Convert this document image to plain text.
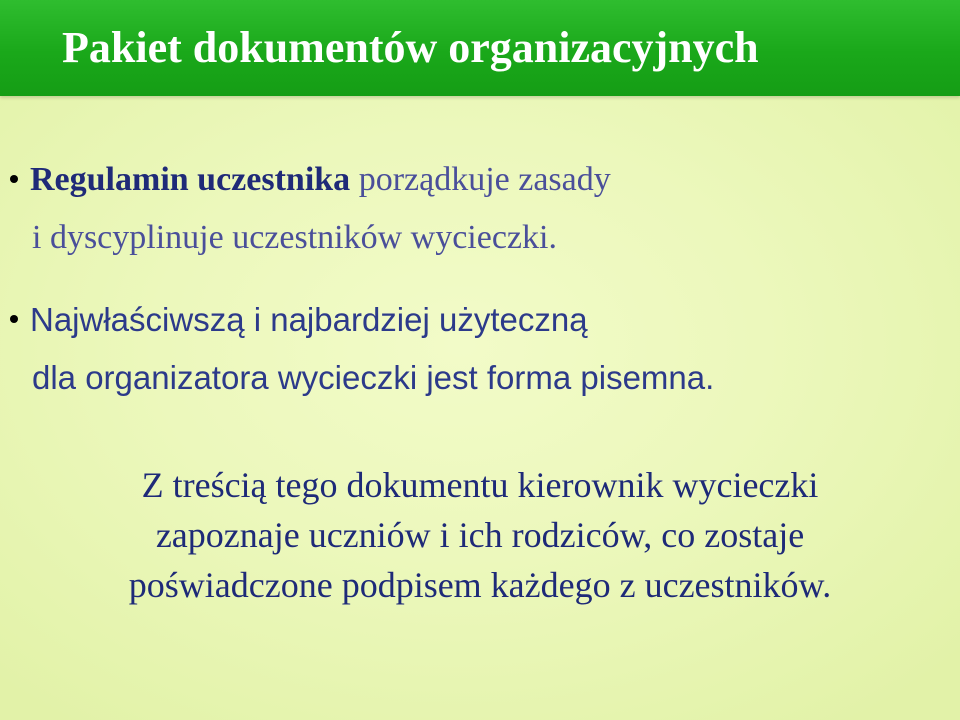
Pakiet dokumentów organizacyjnych
Regulamin uczestnika porządkuje zasady
i dyscyplinuje uczestników wycieczki.
Najwłaściwszą i najbardziej użyteczną
dla organizatora wycieczki jest forma pisemna.
Z treścią tego dokumentu kierownik wycieczki
zapoznaje uczniów i ich rodziców, co zostaje
poświadczone podpisem każdego z uczestników.
